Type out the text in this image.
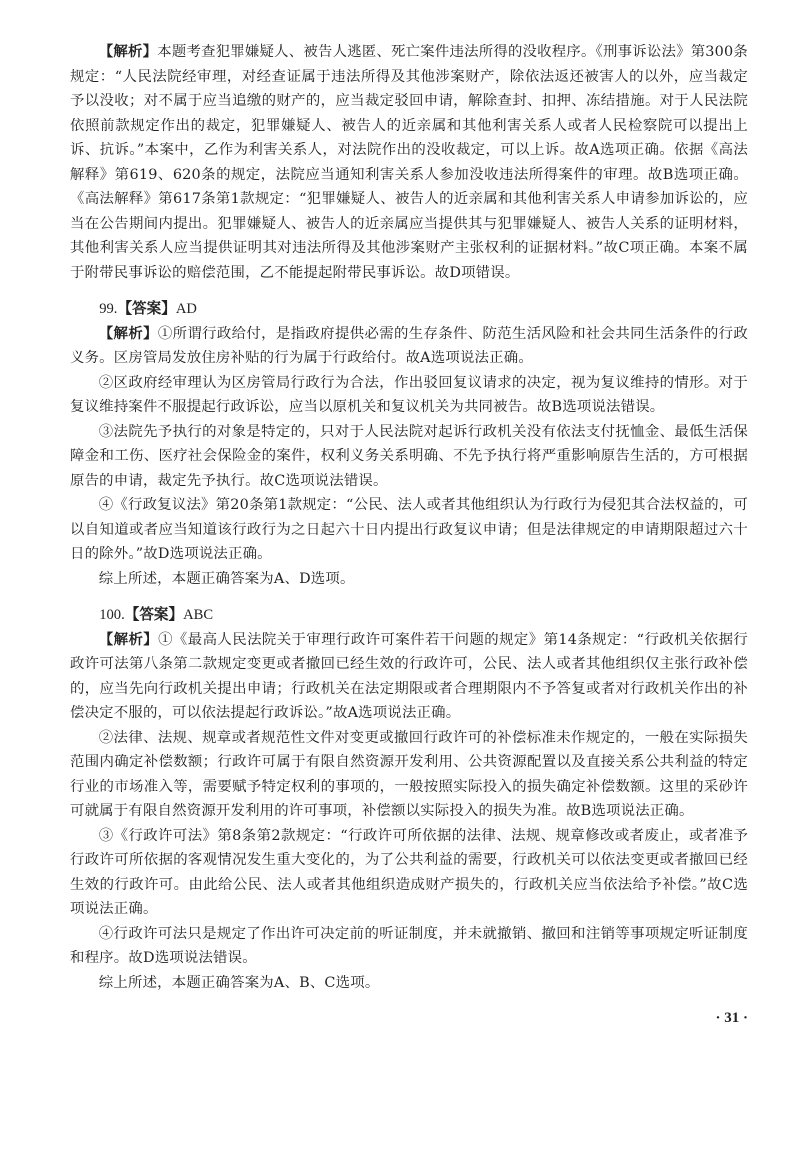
【解析】本题考查犯罪嫌疑人、被告人逃匿、死亡案件违法所得的没收程序。《刑事诉讼法》第300条规定：“人民法院经审理，对经查证属于违法所得及其他涉案财产，除依法返还被害人的以外，应当裁定予以没收；对不属于应当追缴的财产的，应当裁定驳回申请，解除查封、扣押、冻结措施。对于人民法院依照前款规定作出的裁定，犯罪嫌疑人、被告人的近亲属和其他利害关系人或者人民检察院可以提出上诉、抗诉。”本案中，乙作为利害关系人，对法院作出的没收裁定，可以上诉。故A选项正确。依据《高法解释》第619、620条的规定，法院应当通知利害关系人参加没收违法所得案件的审理。故B选项正确。《高法解释》第617条第1款规定：“犯罪嫌疑人、被告人的近亲属和其他利害关系人申请参加诉讼的，应当在公告期间内提出。犯罪嫌疑人、被告人的近亲属应当提供其与犯罪嫌疑人、被告人关系的证明材料，其他利害关系人应当提供证明其对违法所得及其他涉案财产主张权利的证据材料。”故C项正确。本案不属于附带民事诉讼的赔偿范围，乙不能提起附带民事诉讼。故D项错误。

99.【答案】AD

【解析】①所谓行政给付，是指政府提供必需的生存条件、防范生活风险和社会共同生活条件的行政义务。区房管局发放住房补贴的行为属于行政给付。故A选项说法正确。

②区政府经审理认为区房管局行政行为合法，作出驳回复议请求的决定，视为复议维持的情形。对于复议维持案件不服提起行政诉讼，应当以原机关和复议机关为共同被告。故B选项说法错误。

③法院先予执行的对象是特定的，只对于人民法院对起诉行政机关没有依法支付抚恤金、最低生活保障金和工伤、医疗社会保险金的案件，权利义务关系明确、不先予执行将严重影响原告生活的，方可根据原告的申请，裁定先予执行。故C选项说法错误。

④《行政复议法》第20条第1款规定：“公民、法人或者其他组织认为行政行为侵犯其合法权益的，可以自知道或者应当知道该行政行为之日起六十日内提出行政复议申请；但是法律规定的申请期限超过六十日的除外。”故D选项说法正确。

综上所述，本题正确答案为A、D选项。

100.【答案】ABC

【解析】①《最高人民法院关于审理行政许可案件若干问题的规定》第14条规定：“行政机关依据行政许可法第八条第二款规定变更或者撤回已经生效的行政许可，公民、法人或者其他组织仅主张行政补偿的，应当先向行政机关提出申请；行政机关在法定期限或者合理期限内不予答复或者对行政机关作出的补偿决定不服的，可以依法提起行政诉讼。”故A选项说法正确。

②法律、法规、规章或者规范性文件对变更或撤回行政许可的补偿标准未作规定的，一般在实际损失范围内确定补偿数额；行政许可属于有限自然资源开发利用、公共资源配置以及直接关系公共利益的特定行业的市场准入等，需要赋予特定权利的事项的，一般按照实际投入的损失确定补偿数额。这里的采砂许可就属于有限自然资源开发利用的许可事项，补偿额以实际投入的损失为准。故B选项说法正确。

③《行政许可法》第8条第2款规定：“行政许可所依据的法律、法规、规章修改或者废止，或者准予行政许可所依据的客观情况发生重大变化的，为了公共利益的需要，行政机关可以依法变更或者撤回已经生效的行政许可。由此给公民、法人或者其他组织造成财产损失的，行政机关应当依法给予补偿。”故C选项说法正确。

④行政许可法只是规定了作出许可决定前的听证制度，并未就撤销、撤回和注销等事项规定听证制度和程序。故D选项说法错误。

综上所述，本题正确答案为A、B、C选项。

· 31 ·
